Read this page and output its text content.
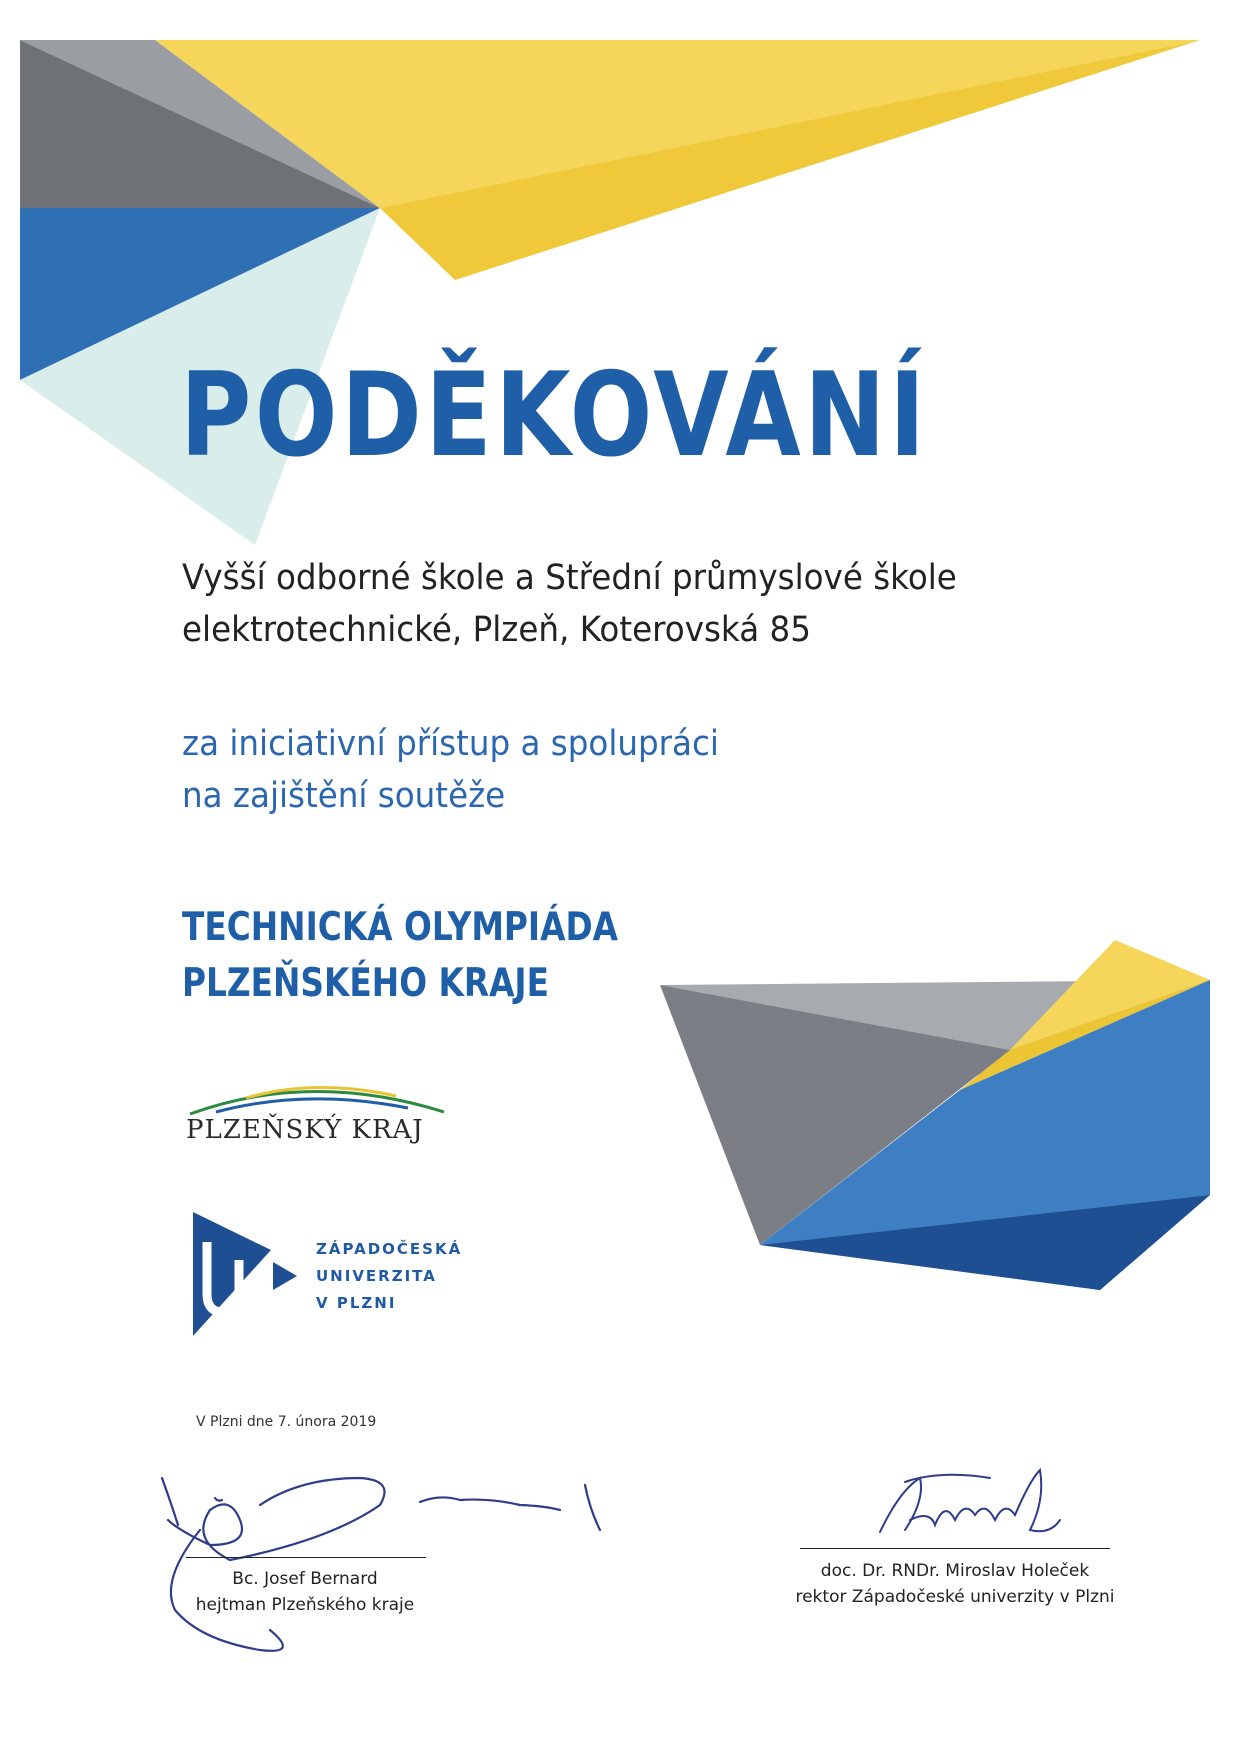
PODĚKOVÁNÍ
Vyšší odborné škole a Střední průmyslové škole
elektrotechnické, Plzeň, Koterovská 85
za iniciativní přístup a spolupráci
na zajištění soutěže
TECHNICKÁ OLYMPIÁDA
PLZEŇSKÉHO KRAJE
PLZEŇSKÝ KRAJ
ZÁPADOČESKÁ
UNIVERZITA
V PLZNI
V Plzni dne 7. února 2019
Bc. Josef Bernard
hejtman Plzeňského kraje
doc. Dr. RNDr. Miroslav Holeček
rektor Západočeské univerzity v Plzni
